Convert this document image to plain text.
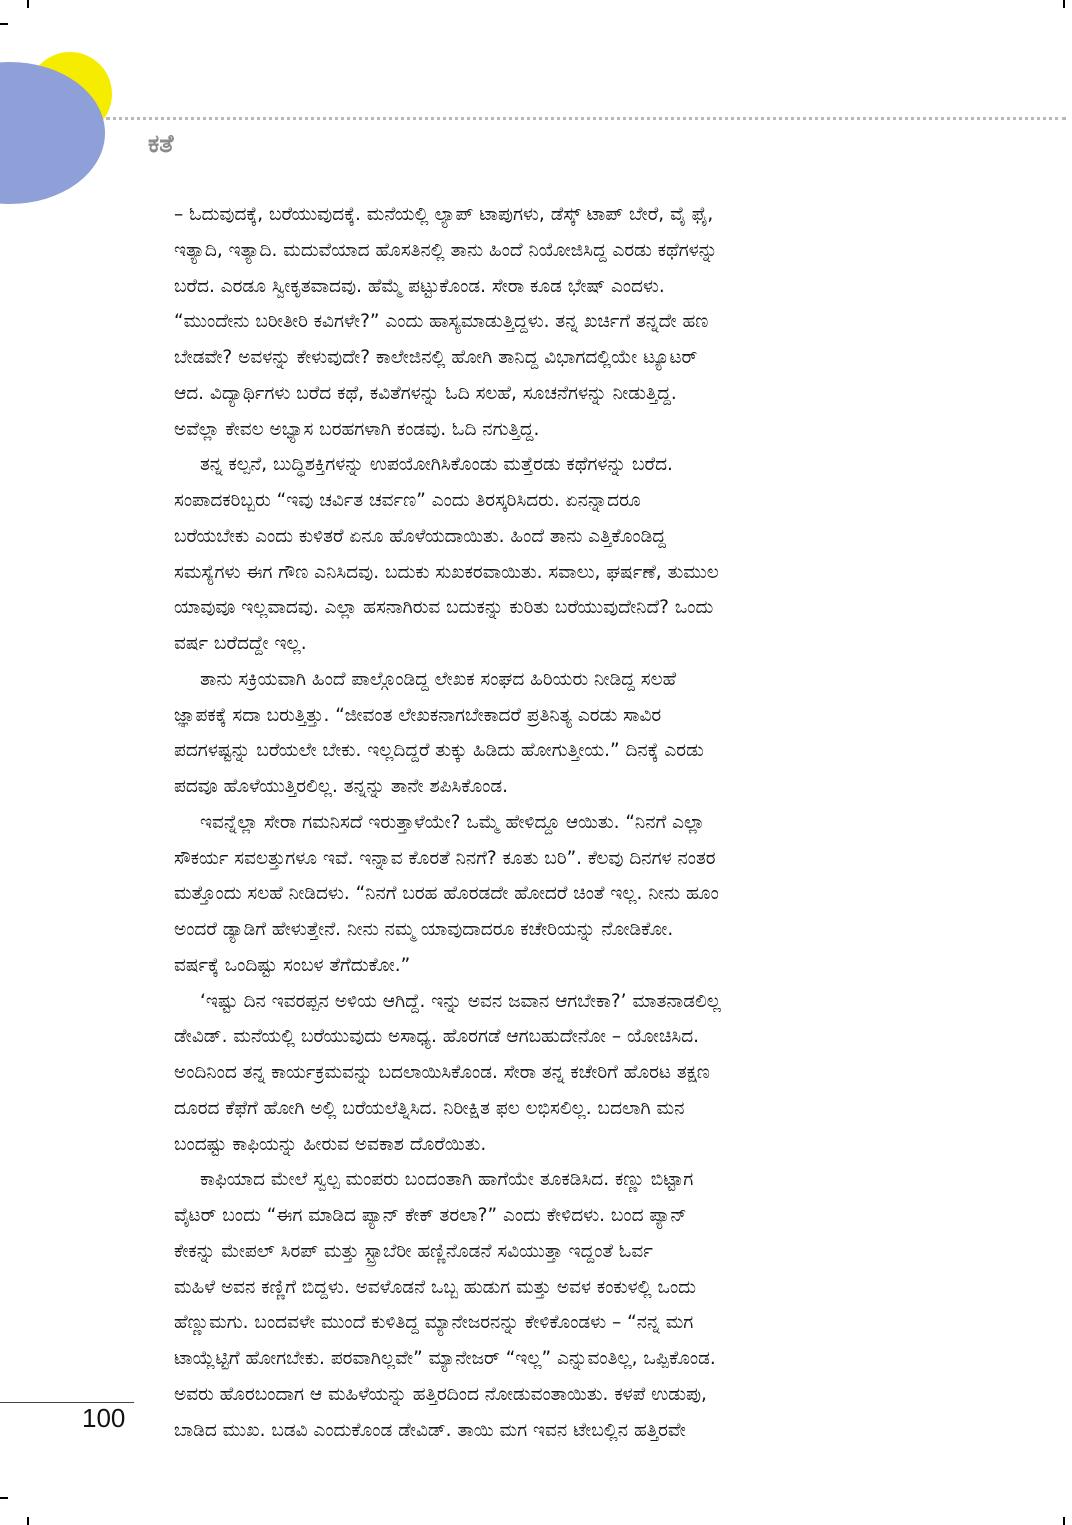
ಕತೆ
– ಓದುವುದಕ್ಕೆ, ಬರೆಯುವುದಕ್ಕೆ. ಮನೆಯಲ್ಲಿ ಲ್ಯಾಪ್ ಟಾಪುಗಳು, ಡೆಸ್ಕ್ ಟಾಪ್ ಬೇರೆ, ವೈ ಫೈ,
ಇತ್ಯಾದಿ, ಇತ್ಯಾದಿ. ಮದುವೆಯಾದ ಹೊಸತಿನಲ್ಲಿ ತಾನು ಹಿಂದೆ ನಿಯೋಜಿಸಿದ್ದ ಎರಡು ಕಥೆಗಳನ್ನು
ಬರೆದ. ಎರಡೂ ಸ್ವೀಕೃತವಾದವು. ಹೆಮ್ಮೆ ಪಟ್ಟುಕೊಂಡ. ಸೇರಾ ಕೂಡ ಭೇಷ್ ಎಂದಳು.
“ಮುಂದೇನು ಬರೀತೀರಿ ಕವಿಗಳೇ?” ಎಂದು ಹಾಸ್ಯಮಾಡುತ್ತಿದ್ದಳು. ತನ್ನ ಖರ್ಚಿಗೆ ತನ್ನದೇ ಹಣ
ಬೇಡವೇ? ಅವಳನ್ನು ಕೇಳುವುದೇ? ಕಾಲೇಜಿನಲ್ಲಿ ಹೋಗಿ ತಾನಿದ್ದ ವಿಭಾಗದಲ್ಲಿಯೇ ಟ್ಯೂಟರ್
ಆದ. ವಿದ್ಯಾರ್ಥಿಗಳು ಬರೆದ ಕಥೆ, ಕವಿತೆಗಳನ್ನು ಓದಿ ಸಲಹೆ, ಸೂಚನೆಗಳನ್ನು ನೀಡುತ್ತಿದ್ದ.
ಅವೆಲ್ಲಾ ಕೇವಲ ಅಭ್ಯಾಸ ಬರಹಗಳಾಗಿ ಕಂಡವು. ಓದಿ ನಗುತ್ತಿದ್ದ.
ತನ್ನ ಕಲ್ಪನೆ, ಬುದ್ಧಿಶಕ್ತಿಗಳನ್ನು ಉಪಯೋಗಿಸಿಕೊಂಡು ಮತ್ತೆರಡು ಕಥೆಗಳನ್ನು ಬರೆದ.
ಸಂಪಾದಕರಿಬ್ಬರು “ಇವು ಚರ್ವಿತ ಚರ್ವಣ” ಎಂದು ತಿರಸ್ಕರಿಸಿದರು. ಏನನ್ನಾದರೂ
ಬರೆಯಬೇಕು ಎಂದು ಕುಳಿತರೆ ಏನೂ ಹೊಳೆಯದಾಯಿತು. ಹಿಂದೆ ತಾನು ಎತ್ತಿಕೊಂಡಿದ್ದ
ಸಮಸ್ಯೆಗಳು ಈಗ ಗೌಣ ಎನಿಸಿದವು. ಬದುಕು ಸುಖಕರವಾಯಿತು. ಸವಾಲು, ಘರ್ಷಣೆ, ತುಮುಲ
ಯಾವುವೂ ಇಲ್ಲವಾದವು. ಎಲ್ಲಾ ಹಸನಾಗಿರುವ ಬದುಕನ್ನು ಕುರಿತು ಬರೆಯುವುದೇನಿದೆ? ಒಂದು
ವರ್ಷ ಬರೆದದ್ದೇ ಇಲ್ಲ.
ತಾನು ಸಕ್ರಿಯವಾಗಿ ಹಿಂದೆ ಪಾಲ್ಗೊಂಡಿದ್ದ ಲೇಖಕ ಸಂಘದ ಹಿರಿಯರು ನೀಡಿದ್ದ ಸಲಹೆ
ಜ್ಞಾಪಕಕ್ಕೆ ಸದಾ ಬರುತ್ತಿತ್ತು. “ಜೀವಂತ ಲೇಖಕನಾಗಬೇಕಾದರೆ ಪ್ರತಿನಿತ್ಯ ಎರಡು ಸಾವಿರ
ಪದಗಳಷ್ಟನ್ನು ಬರೆಯಲೇ ಬೇಕು. ಇಲ್ಲದಿದ್ದರೆ ತುಕ್ಕು ಹಿಡಿದು ಹೋಗುತ್ತೀಯ.” ದಿನಕ್ಕೆ ಎರಡು
ಪದವೂ ಹೊಳೆಯುತ್ತಿರಲಿಲ್ಲ. ತನ್ನನ್ನು ತಾನೇ ಶಪಿಸಿಕೊಂಡ.
ಇವನ್ನೆಲ್ಲಾ ಸೇರಾ ಗಮನಿಸದೆ ಇರುತ್ತಾಳೆಯೇ? ಒಮ್ಮೆ ಹೇಳಿದ್ದೂ ಆಯಿತು. “ನಿನಗೆ ಎಲ್ಲಾ
ಸೌಕರ್ಯ ಸವಲತ್ತುಗಳೂ ಇವೆ. ಇನ್ನಾವ ಕೊರತೆ ನಿನಗೆ? ಕೂತು ಬರಿ”. ಕೆಲವು ದಿನಗಳ ನಂತರ
ಮತ್ತೊಂದು ಸಲಹೆ ನೀಡಿದಳು. “ನಿನಗೆ ಬರಹ ಹೊರಡದೇ ಹೋದರೆ ಚಿಂತೆ ಇಲ್ಲ. ನೀನು ಹೂಂ
ಅಂದರೆ ಡ್ಯಾಡಿಗೆ ಹೇಳುತ್ತೇನೆ. ನೀನು ನಮ್ಮ ಯಾವುದಾದರೂ ಕಚೇರಿಯನ್ನು ನೋಡಿಕೋ.
ವರ್ಷಕ್ಕೆ ಒಂದಿಷ್ಟು ಸಂಬಳ ತೆಗೆದುಕೋ.”
‘ಇಷ್ಟು ದಿನ ಇವರಪ್ಪನ ಅಳಿಯ ಆಗಿದ್ದೆ. ಇನ್ನು ಅವನ ಜವಾನ ಆಗಬೇಕಾ?’ ಮಾತನಾಡಲಿಲ್ಲ
ಡೇವಿಡ್. ಮನೆಯಲ್ಲಿ ಬರೆಯುವುದು ಅಸಾಧ್ಯ. ಹೊರಗಡೆ ಆಗಬಹುದೇನೋ – ಯೋಚಿಸಿದ.
ಅಂದಿನಿಂದ ತನ್ನ ಕಾರ್ಯಕ್ರಮವನ್ನು ಬದಲಾಯಿಸಿಕೊಂಡ. ಸೇರಾ ತನ್ನ ಕಚೇರಿಗೆ ಹೊರಟ ತಕ್ಷಣ
ದೂರದ ಕೆಫೆಗೆ ಹೋಗಿ ಅಲ್ಲಿ ಬರೆಯಲೆತ್ನಿಸಿದ. ನಿರೀಕ್ಷಿತ ಫಲ ಲಭಿಸಲಿಲ್ಲ. ಬದಲಾಗಿ ಮನ
ಬಂದಷ್ಟು ಕಾಫಿಯನ್ನು ಹೀರುವ ಅವಕಾಶ ದೊರೆಯಿತು.
ಕಾಫಿಯಾದ ಮೇಲೆ ಸ್ವಲ್ಪ ಮಂಪರು ಬಂದಂತಾಗಿ ಹಾಗೆಯೇ ತೂಕಡಿಸಿದ. ಕಣ್ಣು ಬಿಟ್ಟಾಗ
ವೈಟರ್ ಬಂದು “ಈಗ ಮಾಡಿದ ಪ್ಯಾನ್ ಕೇಕ್ ತರಲಾ?” ಎಂದು ಕೇಳಿದಳು. ಬಂದ ಪ್ಯಾನ್
ಕೇಕನ್ನು ಮೇಪಲ್ ಸಿರಪ್ ಮತ್ತು ಸ್ಟ್ರಾಬೆರೀ ಹಣ್ಣಿನೊಡನೆ ಸವಿಯುತ್ತಾ ಇದ್ದಂತೆ ಓರ್ವ
ಮಹಿಳೆ ಅವನ ಕಣ್ಣಿಗೆ ಬಿದ್ದಳು. ಅವಳೊಡನೆ ಒಬ್ಬ ಹುಡುಗ ಮತ್ತು ಅವಳ ಕಂಕುಳಲ್ಲಿ ಒಂದು
ಹೆಣ್ಣುಮಗು. ಬಂದವಳೇ ಮುಂದೆ ಕುಳಿತಿದ್ದ ಮ್ಯಾನೇಜರನನ್ನು ಕೇಳಿಕೊಂಡಳು – “ನನ್ನ ಮಗ
ಟಾಯ್ಲೆಟ್ಟಿಗೆ ಹೋಗಬೇಕು. ಪರವಾಗಿಲ್ಲವೇ” ಮ್ಯಾನೇಜರ್ “ಇಲ್ಲ” ಎನ್ನುವಂತಿಲ್ಲ, ಒಪ್ಪಿಕೊಂಡ.
ಅವರು ಹೊರಬಂದಾಗ ಆ ಮಹಿಳೆಯನ್ನು ಹತ್ತಿರದಿಂದ ನೋಡುವಂತಾಯಿತು. ಕಳಪೆ ಉಡುಪು,
ಬಾಡಿದ ಮುಖ. ಬಡವಿ ಎಂದುಕೊಂಡ ಡೇವಿಡ್. ತಾಯಿ ಮಗ ಇವನ ಟೇಬಲ್ಲಿನ ಹತ್ತಿರವೇ

100
